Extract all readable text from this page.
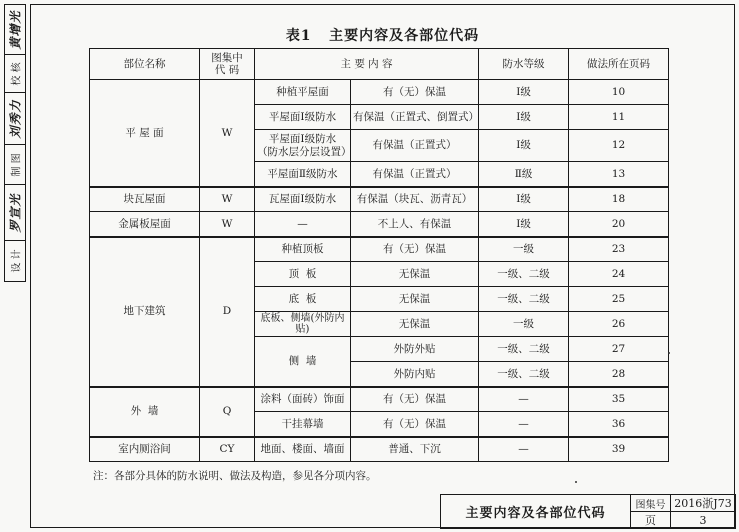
黄增光
校 核
刘秀力
制 图
罗宣光
设 计
表1   主要内容及各部位代码
部位名称	图集中
代 码	主 要 内 容		防水等级	做法所在页码
平 屋 面	W	种植平屋面	有（无）保温	Ⅰ级	10
		平屋面Ⅰ级防水	有保温（正置式、倒置式）	Ⅰ级	11
		平屋面Ⅰ级防水
（防水层分层设置）	有保温（正置式）	Ⅰ级	12
		平屋面Ⅱ级防水	有保温（正置式）	Ⅱ级	13
块瓦屋面	W	瓦屋面Ⅰ级防水	有保温（块瓦、沥青瓦）	Ⅰ级	18
金属板屋面	W	—	不上人、有保温	Ⅰ级	20
地下建筑	D	种植顶板	有（无）保温	一级	23
		顶  板	无保温	一级、二级	24
		底  板	无保温	一级、二级	25
		底板、侧墙(外防内贴)	无保温	一级	26
		侧  墙	外防外贴	一级、二级	27
			外防内贴	一级、二级	28
外  墙	Q	涂料（面砖）饰面	有（无）保温	—	35
		干挂幕墙	有（无）保温	—	36
室内厕浴间	CY	地面、楼面、墙面	普通、下沉	—	39
注：各部分具体的防水说明、做法及构造，参见各分项内容。
主要内容及各部位代码	图集号	2016浙J73
	页	3
